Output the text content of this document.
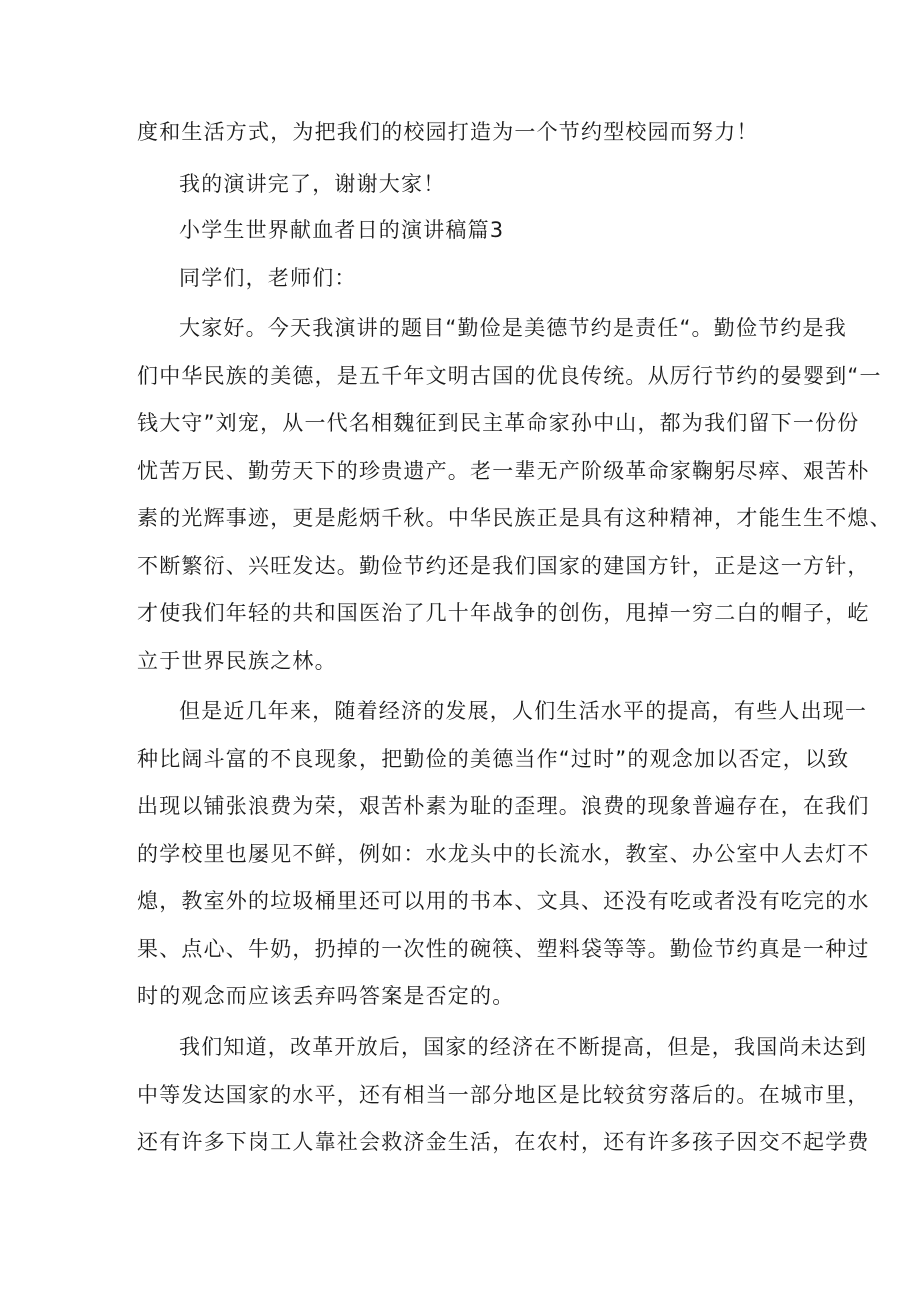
度和生活方式，为把我们的校园打造为一个节约型校园而努力！
我的演讲完了，谢谢大家！
小学生世界献血者日的演讲稿篇3
同学们，老师们：
大家好。今天我演讲的题目“勤俭是美德节约是责任“。勤俭节约是我
们中华民族的美德，是五千年文明古国的优良传统。从厉行节约的晏婴到“一
钱大守”刘宠，从一代名相魏征到民主革命家孙中山，都为我们留下一份份
忧苦万民、勤劳天下的珍贵遗产。老一辈无产阶级革命家鞠躬尽瘁、艰苦朴
素的光辉事迹，更是彪炳千秋。中华民族正是具有这种精神，才能生生不熄、
不断繁衍、兴旺发达。勤俭节约还是我们国家的建国方针，正是这一方针，
才使我们年轻的共和国医治了几十年战争的创伤，甩掉一穷二白的帽子，屹
立于世界民族之林。
但是近几年来，随着经济的发展，人们生活水平的提高，有些人出现一
种比阔斗富的不良现象，把勤俭的美德当作“过时”的观念加以否定，以致
出现以铺张浪费为荣，艰苦朴素为耻的歪理。浪费的现象普遍存在，在我们
的学校里也屡见不鲜，例如：水龙头中的长流水，教室、办公室中人去灯不
熄，教室外的垃圾桶里还可以用的书本、文具、还没有吃或者没有吃完的水
果、点心、牛奶，扔掉的一次性的碗筷、塑料袋等等。勤俭节约真是一种过
时的观念而应该丢弃吗答案是否定的。
我们知道，改革开放后，国家的经济在不断提高，但是，我国尚未达到
中等发达国家的水平，还有相当一部分地区是比较贫穷落后的。在城市里，
还有许多下岗工人靠社会救济金生活，在农村，还有许多孩子因交不起学费
